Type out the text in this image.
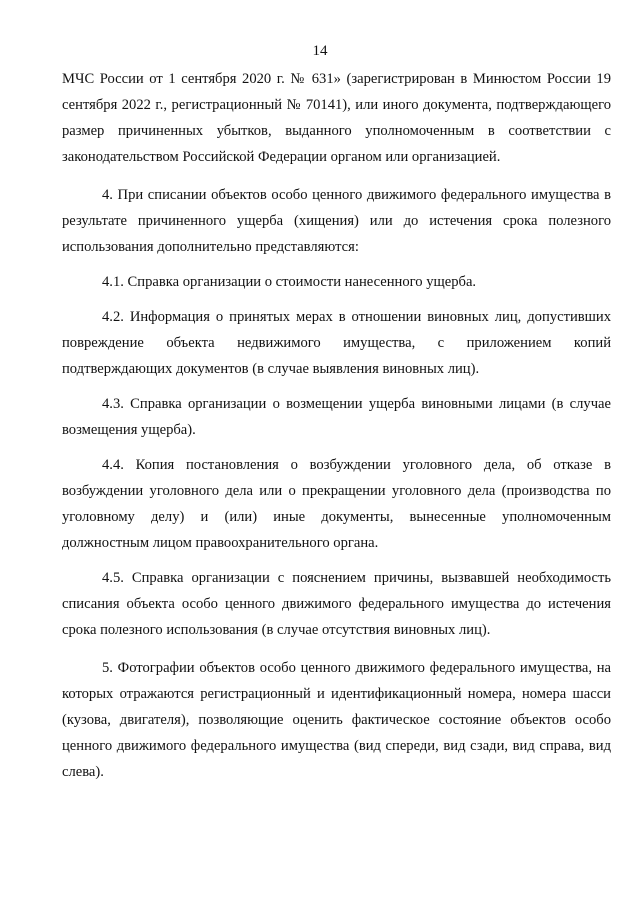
14

МЧС России от 1 сентября 2020 г. № 631» (зарегистрирован в Минюстом России 19 сентября 2022 г., регистрационный № 70141), или иного документа, подтверждающего размер причиненных убытков, выданного уполномоченным в соответствии с законодательством Российской Федерации органом или организацией.

4. При списании объектов особо ценного движимого федерального имущества в результате причиненного ущерба (хищения) или до истечения срока полезного использования дополнительно представляются:

4.1. Справка организации о стоимости нанесенного ущерба.

4.2. Информация о принятых мерах в отношении виновных лиц, допустивших повреждение объекта недвижимого имущества, с приложением копий подтверждающих документов (в случае выявления виновных лиц).

4.3. Справка организации о возмещении ущерба виновными лицами (в случае возмещения ущерба).

4.4. Копия постановления о возбуждении уголовного дела, об отказе в возбуждении уголовного дела или о прекращении уголовного дела (производства по уголовному делу) и (или) иные документы, вынесенные уполномоченным должностным лицом правоохранительного органа.

4.5. Справка организации с пояснением причины, вызвавшей необходимость списания объекта особо ценного движимого федерального имущества до истечения срока полезного использования (в случае отсутствия виновных лиц).

5. Фотографии объектов особо ценного движимого федерального имущества, на которых отражаются регистрационный и идентификационный номера, номера шасси (кузова, двигателя), позволяющие оценить фактическое состояние объектов особо ценного движимого федерального имущества (вид спереди, вид сзади, вид справа, вид слева).
